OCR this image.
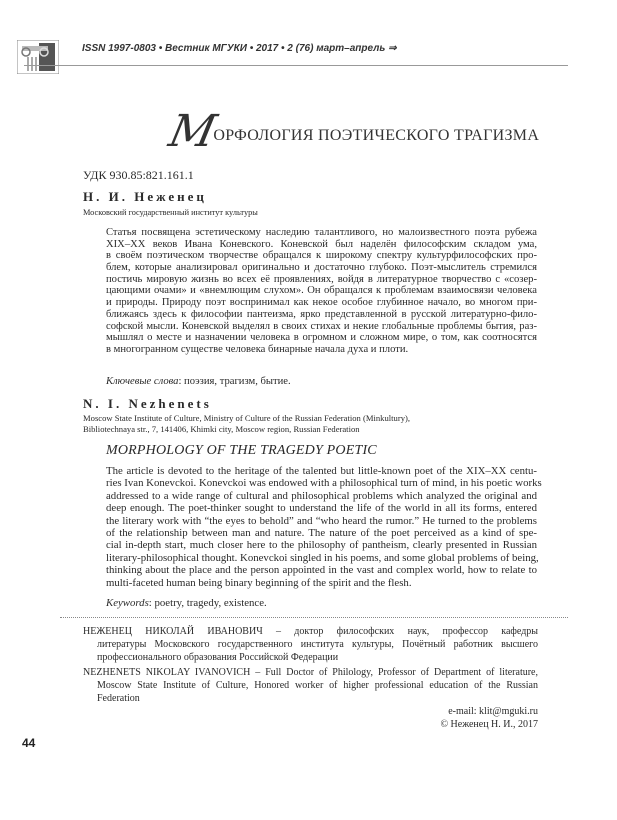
ISSN 1997-0803 • Вестник МГУКИ • 2017 • 2 (76) март–апрель ⇒
МОРФОЛОГИЯ ПОЭТИЧЕСКОГО ТРАГИЗМА
УДК 930.85:821.161.1
Н. И. Неженец
Московский государственный институт культуры
Статья посвящена эстетическому наследию талантливого, но малоизвестного поэта рубежа
XIX–XX веков Ивана Коневского. Коневской был наделён философским складом ума,
в своём поэтическом творчестве обращался к широкому спектру культурфилософских про-
блем, которые анализировал оригинально и достаточно глубоко. Поэт-мыслитель стремился
постичь мировую жизнь во всех её проявлениях, войдя в литературное творчество с «созер-
цающими очами» и «внемлющим слухом». Он обращался к проблемам взаимосвязи человека
и природы. Природу поэт воспринимал как некое особое глубинное начало, во многом при-
ближаясь здесь к философии пантеизма, ярко представленной в русской литературно-фило-
софской мысли. Коневской выделял в своих стихах и некие глобальные проблемы бытия, раз-
мышлял о месте и назначении человека в огромном и сложном мире, о том, как соотносятся
в многогранном существе человека бинарные начала духа и плоти.
Ключевые слова: поэзия, трагизм, бытие.
N. I. Nezhenets
Moscow State Institute of Culture, Ministry of Culture of the Russian Federation (Minkultury),
Bibliotechnaya str., 7, 141406, Khimki city, Moscow region, Russian Federation
MORPHOLOGY OF THE TRAGEDY POETIC
The article is devoted to the heritage of the talented but little-known poet of the XIX–XX centu-
ries Ivan Konevckoi. Konevckoi was endowed with a philosophical turn of mind, in his poetic works
addressed to a wide range of cultural and philosophical problems which analyzed the original and
deep enough. The poet-thinker sought to understand the life of the world in all its forms, entered
the literary work with “the eyes to behold” and “who heard the rumor.” He turned to the problems
of the relationship between man and nature. The nature of the poet perceived as a kind of spe-
cial in-depth start, much closer here to the philosophy of pantheism, clearly presented in Russian
literary-philosophical thought. Konevckoi singled in his poems, and some global problems of being,
thinking about the place and the person appointed in the vast and complex world, how to relate to
multi-faceted human being binary beginning of the spirit and the flesh.
Keywords: poetry, tragedy, existence.
НЕЖЕНЕЦ НИКОЛАЙ ИВАНОВИЧ – доктор философских наук, профессор кафедры
литературы Московского государственного института культуры, Почётный работник высшего
профессионального образования Российской Федерации
NEZHENETS NIKOLAY IVANOVICH – Full Doctor of Philology, Professor of Department of literature,
Moscow State Institute of Culture, Honored worker of higher professional education of the Russian
Federation
e-mail: klit@mguki.ru
© Неженец Н. И., 2017
44
